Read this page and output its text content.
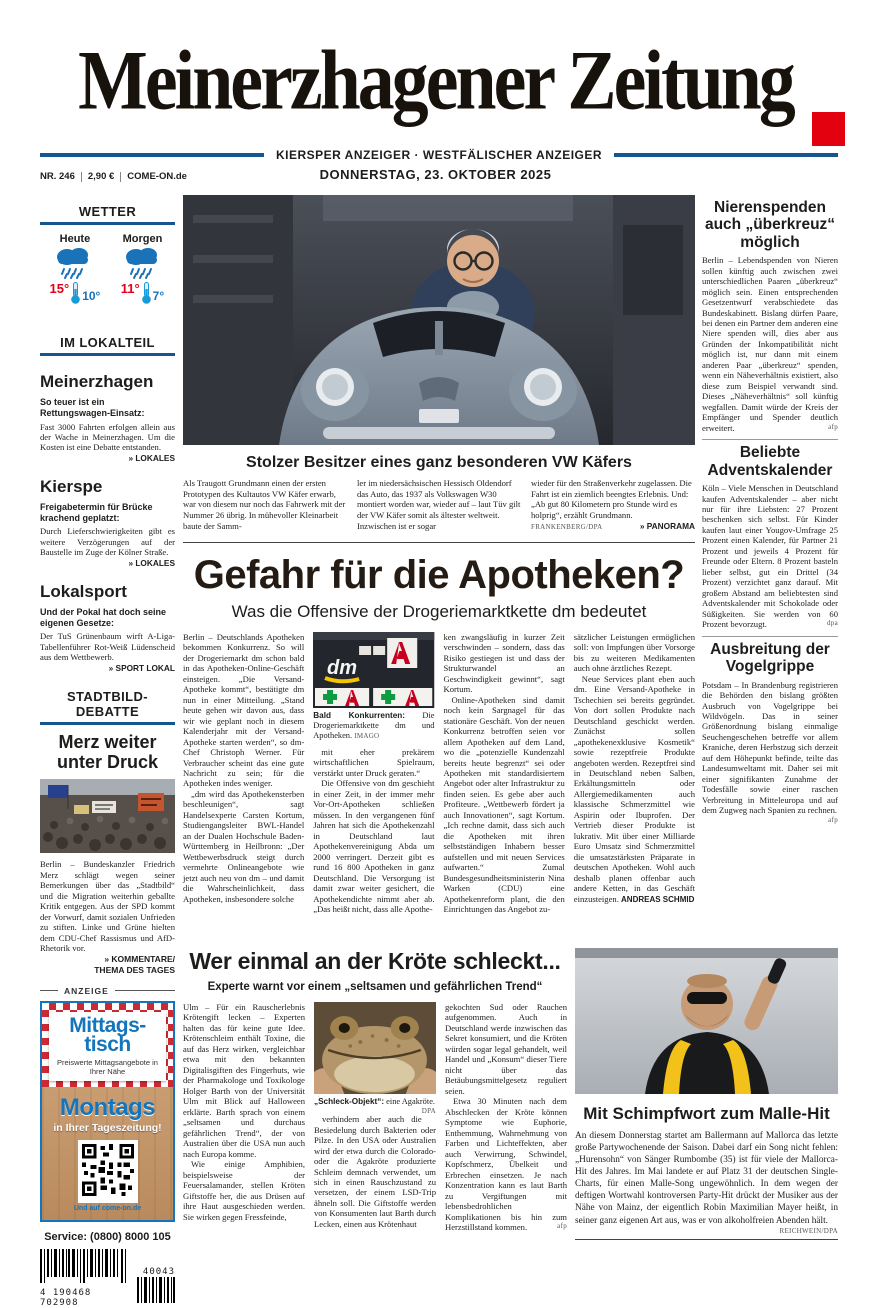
Meinerzhagener Zeitung
KIERSPER ANZEIGER · WESTFÄLISCHER ANZEIGER
DONNERSTAG, 23. OKTOBER 2025
NR. 246 2,90 € COME-ON.de
WETTER
Heute
15° 10°
Morgen
11° 7°
IM LOKALTEIL
Meinerzhagen
So teuer ist ein Rettungswagen-Einsatz:

Fast 3000 Fahrten erfolgen allein aus der Wache in Meinerzhagen. Um die Kosten ist eine Debatte entstanden.
» LOKALES

Kierspe
Freigabetermin für Brücke krachend geplatzt:

Durch Lieferschwierigkeiten gibt es weitere Verzögerungen auf der Baustelle im Zuge der Kölner Straße.
» LOKALES

Lokalsport
Und der Pokal hat doch seine eigenen Gesetze:

Der TuS Grünenbaum wirft A-Liga-Tabellenführer Rot-Weiß Lüdenscheid aus dem Wettbewerb.
» SPORT LOKAL

STADTBILD-DEBATTE
Merz weiter unter Druck

Berlin – Bundeskanzler Friedrich Merz schlägt wegen seiner Bemerkungen über das „Stadtbild“ und die Migration weiterhin geballte Kritik entgegen. Aus der SPD kommt der Vorwurf, damit sozialen Unfrieden zu stiften. Linke und Grüne hielten dem CDU-Chef Rassismus und AfD-Rhetorik vor.

» KOMMENTARE/
THEMA DES TAGES
ANZEIGE
Mittags-
tisch
Preiswerte Mittagsangebote in Ihrer Nähe
Montags
in Ihrer Tageszeitung!
Und auf come-on.de
Service: (0800) 8000 105
4 190468 702908
40043
Stolzer Besitzer eines ganz besonderen VW Käfers
Als Traugott Grundmann einen der ersten Prototypen des Kultautos VW Käfer erwarb, war von diesem nur noch das Fahrwerk mit der Nummer 26 übrig. In mühevoller Kleinarbeit baute der Samm-
ler im niedersächsischen Hessisch Oldendorf das Auto, das 1937 als Volkswagen W30 montiert worden war, wieder auf – laut Tüv gilt der VW Käfer somit als ältester weltweit. Inzwischen ist er sogar
wieder für den Straßenverkehr zugelassen. Die Fahrt ist ein ziemlich beengtes Erlebnis. Und: „Ab gut 80 Kilometern pro Stunde wird es holprig“, erzählt Grundmann. FRANKENBERG/DPA	» PANORAMA
Gefahr für die Apotheken?
Was die Offensive der Drogeriemarktkette dm bedeutet

Berlin – Deutschlands Apotheken bekommen Konkurrenz. So will der Drogeriemarkt dm schon bald in das Apotheken-Online-Geschäft einsteigen. „Die Versand-Apotheke kommt“, bestätigte dm nun in einer Mitteilung. „Stand heute gehen wir davon aus, dass wir wie geplant noch in diesem Kalenderjahr mit der Versand-Apotheke starten werden“, so dm-Chef Christoph Werner. Für Verbraucher scheint das eine gute Nachricht zu sein; für die Apotheken indes weniger.

„dm wird das Apothekensterben beschleunigen“, sagt Handelsexperte Carsten Kortum, Studiengangsleiter BWL-Handel an der Dualen Hochschule Baden-Württemberg in Heilbronn: „Der Wettbewerbsdruck steigt durch vermehrte Onlineangebote wie jetzt auch neu von dm – und damit die Wahrscheinlichkeit, dass Apotheken, insbesondere solche

dm

Bald Konkurrenten: Die Drogeriemarktkette dm und Apotheken. IMAGO

mit eher prekärem wirtschaftlichen Spielraum, verstärkt unter Druck geraten.“

Die Offensive von dm geschieht in einer Zeit, in der immer mehr Vor-Ort-Apotheken schließen müssen. In den vergangenen fünf Jahren hat sich die Apothekenzahl in Deutschland laut Apothekenvereinigung Abda um 2000 verringert. Derzeit gibt es rund 16 800 Apotheken in ganz Deutschland. Die Versorgung ist damit zwar weiter gesichert, die Apothekendichte nimmt aber ab. „Das heißt nicht, dass alle Apothe-

ken zwangsläufig in kurzer Zeit verschwinden – sondern, dass das Risiko gestiegen ist und dass der Strukturwandel an Geschwindigkeit gewinnt“, sagt Kortum.

Online-Apotheken sind damit noch kein Sargnagel für das stationäre Geschäft. Von der neuen Konkurrenz betroffen seien vor allem Apotheken auf dem Land, wo die „potenzielle Kundenzahl bereits heute begrenzt“ sei oder Apotheken mit standardisiertem Angebot oder alter Infrastruktur zu finden seien. Es gebe aber auch Profiteure. „Wettbewerb fördert ja auch Innovationen“, sagt Kortum. „Ich rechne damit, dass sich auch die Apotheken mit ihren selbstständigen Inhabern besser aufstellen und mit neuen Services aufwarten.“ Zumal Bundesgesundheitsministerin Nina Warken (CDU) eine Apothekenreform plant, die den Einrichtungen das Angebot zu-

sätzlicher Leistungen ermöglichen soll: von Impfungen über Vorsorge bis zu weiteren Medikamenten auch ohne ärztliches Rezept.

Neue Services plant eben auch dm. Eine Versand-Apotheke in Tschechien sei bereits gegründet. Von dort sollen Produkte nach Deutschland geschickt werden. Zunächst sollen „apothekenexklusive Kosmetik“ sowie rezeptfreie Produkte angeboten werden. Rezeptfrei sind in Deutschland neben Salben, Erkältungsmitteln oder Allergiemedikamenten auch klassische Schmerzmittel wie Aspirin oder Ibuprofen. Der Vertrieb dieser Produkte ist lukrativ. Mit über einer Milliarde Euro Umsatz sind Schmerzmittel die umsatzstärksten Präparate in deutschen Apotheken. Wohl auch deshalb planen offenbar auch andere Ketten, in das Geschäft einzusteigen. ANDREAS SCHMID

Nierenspenden auch „überkreuz“ möglich

Berlin – Lebendspenden von Nieren sollen künftig auch zwischen zwei unterschiedlichen Paaren „überkreuz“ möglich sein. Einen entsprechenden Gesetzentwurf verabschiedete das Bundeskabinett. Bislang dürfen Paare, bei denen ein Partner dem anderen eine Niere spenden will, dies aber aus Gründen der Inkompatibilität nicht möglich ist, nur dann mit einem anderen Paar „überkreuz“ spenden, wenn ein Näheverhältnis existiert, also diese zum Beispiel verwandt sind. Dieses „Näheverhältnis“ soll künftig wegfallen. Damit würde der Kreis der Empfänger und Spender deutlich erweitert.	afp

Beliebte Adventskalender

Köln – Viele Menschen in Deutschland kaufen Adventskalender – aber nicht nur für ihre Liebsten: 27 Prozent beschenken sich selbst. Für Kinder kaufen laut einer Yougov-Umfrage 25 Prozent einen Kalender, für Partner 21 Prozent und jeweils 4 Prozent für Freunde oder Eltern. 8 Prozent basteln lieber selbst, gut ein Drittel (34 Prozent) verzichtet ganz darauf. Mit großem Abstand am beliebtesten sind Adventskalender mit Schokolade oder Süßigkeiten. Sie werden von 60 Prozent bevorzugt.	dpa

Ausbreitung der Vogelgrippe

Potsdam – In Brandenburg registrieren die Behörden den bislang größten Ausbruch von Vogelgrippe bei Wildvögeln. Das in seiner Größenordnung bislang einmalige Seuchengeschehen betreffe vor allem Kraniche, deren Herbstzug sich derzeit auf dem Höhepunkt befinde, teilte das Landesumweltamt mit. Daher sei mit einer signifikanten Zunahme der Todesfälle sowie einer raschen Verbreitung in Mitteleuropa und auf dem Zugweg nach Spanien zu rechnen.
afp

Wer einmal an der Kröte schleckt...
Experte warnt vor einem „seltsamen und gefährlichen Trend“

Ulm – Für ein Rauscherlebnis Krötengift lecken – Experten halten das für keine gute Idee. Krötenschleim enthält Toxine, die auf das Herz wirken, vergleichbar etwa mit den bekannten Digitalisgiften des Fingerhuts, wie der Pharmakologe und Toxikologe Holger Barth von der Universität Ulm mit Blick auf Halloween erklärte. Barth sprach von einem „seltsamen und durchaus gefährlichen Trend“, der von Australien über die USA nun auch nach Europa komme.

Wie einige Amphibien, beispielsweise der Feuersalamander, stellen Kröten Giftstoffe her, die aus Drüsen auf ihre Haut ausgeschieden werden. Sie wirken gegen Fressfeinde,

„Schleck-Objekt“: eine Agakröte.
DPA

verhindern aber auch die Besiedelung durch Bakterien oder Pilze. In den USA oder Australien wird der etwa durch die Colorado- oder die Agakröte produzierte Schleim demnach verwendet, um sich in einen Rauschzustand zu versetzen, der einem LSD-Trip ähneln soll. Die Giftstoffe werden von Konsumenten laut Barth durch Lecken, einen aus Krötenhaut

gekochten Sud oder Rauchen aufgenommen. Auch in Deutschland werde inzwischen das Sekret konsumiert, und die Kröten würden sogar legal gehandelt, weil Handel und „Konsum“ dieser Tiere nicht über das Betäubungsmittelgesetz reguliert seien.

Etwa 30 Minuten nach dem Abschlecken der Kröte können Symptome wie Euphorie, Enthemmung, Wahrnehmung von Farben und Lichteffekten, aber auch Verwirrung, Schwindel, Kopfschmerz, Übelkeit und Erbrechen einsetzen. Je nach Konzentration kann es laut Barth zu Vergiftungen mit lebensbedrohlichen Komplikationen bis hin zum Herzstillstand kommen.	afp

Mit Schimpfwort zum Malle-Hit

An diesem Donnerstag startet am Ballermann auf Mallorca das letzte große Partywochenende der Saison. Dabei darf ein Song nicht fehlen: „Hurensohn“ von Sänger Rumbombe (35) ist für viele der Mallorca-Hit des Jahres. Im Mai landete er auf Platz 31 der deutschen Single-Charts, für einen Malle-Song ungewöhnlich. In dem wegen der deftigen Wortwahl kontroversen Party-Hit drückt der Musiker aus der Nähe von Mainz, der eigentlich Robin Maximilian Mayer heißt, in seiner ganz eigenen Art aus, was er von alkoholfreien Abenden hält.
REICHWEIN/DPA
